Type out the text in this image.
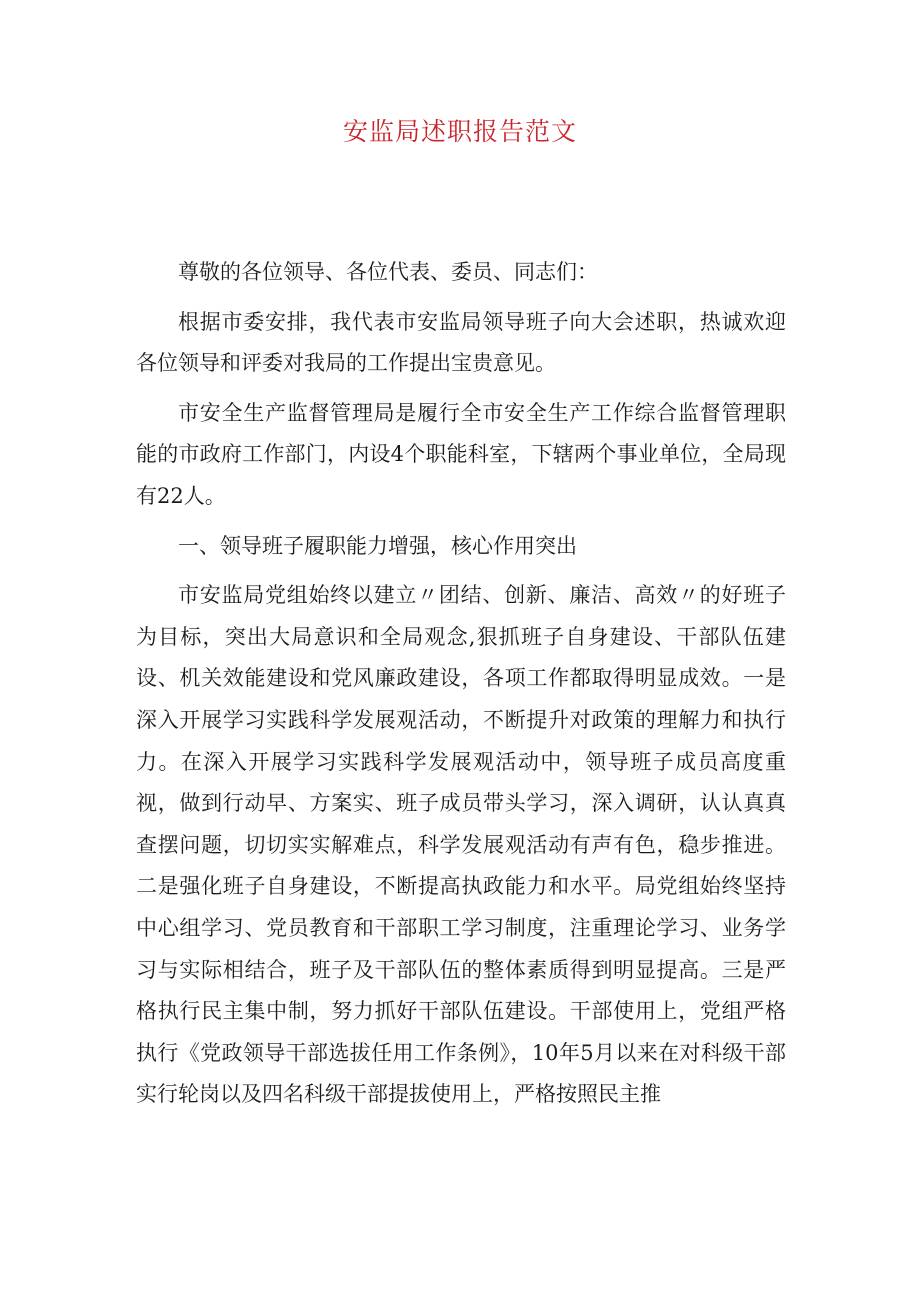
安监局述职报告范文

尊敬的各位领导、各位代表、委员、同志们：

根据市委安排，我代表市安监局领导班子向大会述职，热诚欢迎各位领导和评委对我局的工作提出宝贵意见。

市安全生产监督管理局是履行全市安全生产工作综合监督管理职能的市政府工作部门，内设4个职能科室，下辖两个事业单位，全局现有22人。

一、领导班子履职能力增强，核心作用突出

市安监局党组始终以建立〃团结、创新、廉洁、高效〃的好班子为目标，突出大局意识和全局观念,狠抓班子自身建设、干部队伍建设、机关效能建设和党风廉政建设，各项工作都取得明显成效。一是深入开展学习实践科学发展观活动，不断提升对政策的理解力和执行力。在深入开展学习实践科学发展观活动中，领导班子成员高度重视，做到行动早、方案实、班子成员带头学习，深入调研，认认真真查摆问题，切切实实解难点，科学发展观活动有声有色，稳步推进。二是强化班子自身建设，不断提高执政能力和水平。局党组始终坚持中心组学习、党员教育和干部职工学习制度，注重理论学习、业务学习与实际相结合，班子及干部队伍的整体素质得到明显提高。三是严格执行民主集中制，努力抓好干部队伍建设。干部使用上，党组严格执行《党政领导干部选拔任用工作条例》，10年5月以来在对科级干部实行轮岗以及四名科级干部提拔使用上，严格按照民主推
